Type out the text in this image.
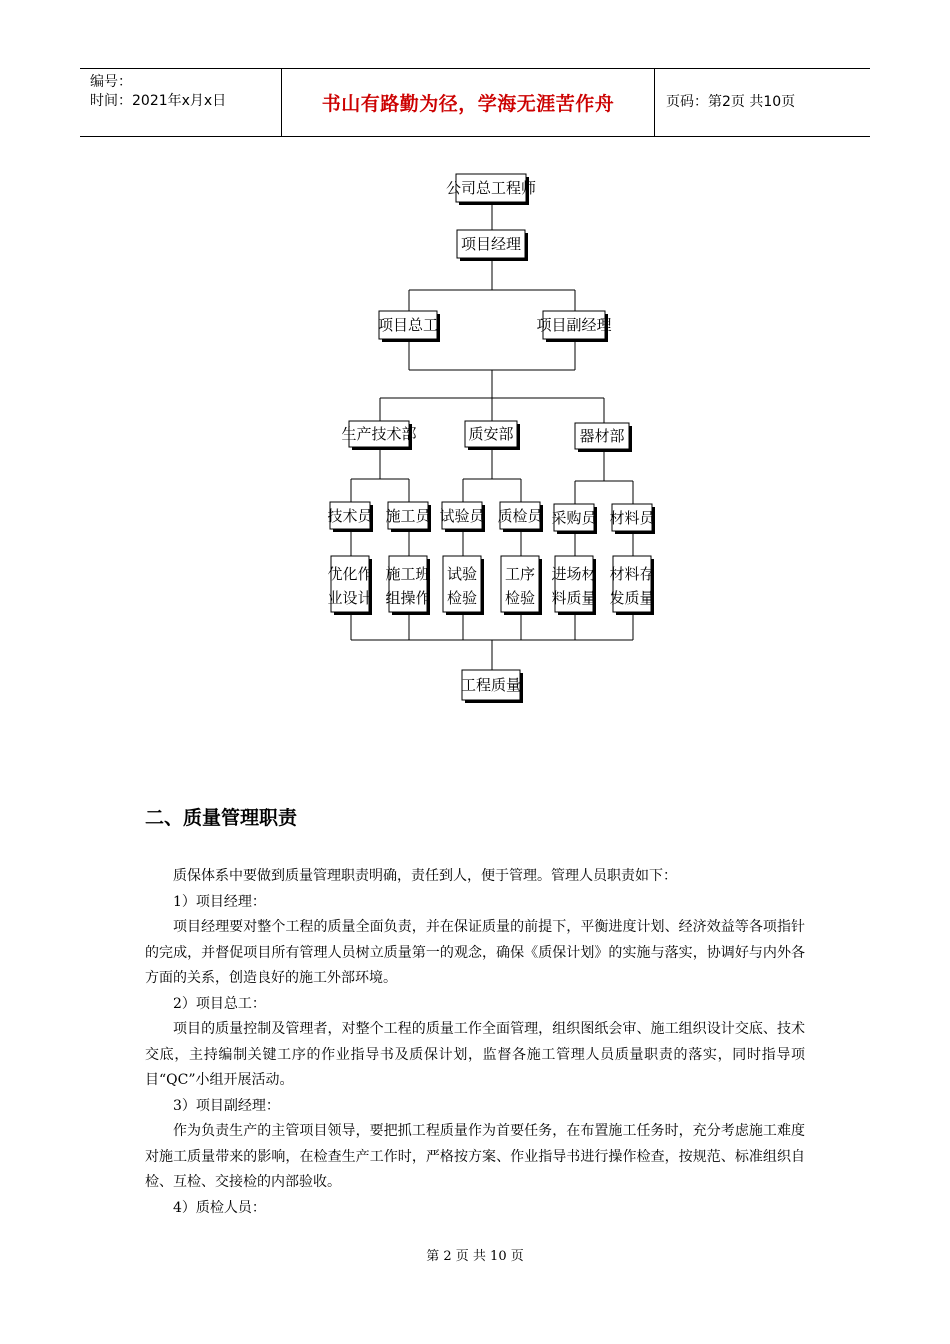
编号：
时间：2021年x月x日	书山有路勤为径，学海无涯苦作舟	页码：第2页 共10页
公司总工程师
项目经理
项目总工	项目副经理
生产技术部	质安部	器材部
技术员 施工员 试验员 质检员 采购员 材料员
优化作
业设计
施工班
组操作
试验
检验
工序
检验
进场材
料质量
材料存
发质量
工程质量
二、质量管理职责

质保体系中要做到质量管理职责明确，责任到人，便于管理。管理人员职责如下：

1）项目经理：

项目经理要对整个工程的质量全面负责，并在保证质量的前提下，平衡进度计划、经济效益等各项指针的完成，并督促项目所有管理人员树立质量第一的观念，确保《质保计划》的实施与落实，协调好与内外各方面的关系，创造良好的施工外部环境。

2）项目总工：

项目的质量控制及管理者，对整个工程的质量工作全面管理，组织图纸会审、施工组织设计交底、技术交底，主持编制关键工序的作业指导书及质保计划，监督各施工管理人员质量职责的落实，同时指导项目“QC”小组开展活动。

3）项目副经理：

作为负责生产的主管项目领导，要把抓工程质量作为首要任务，在布置施工任务时，充分考虑施工难度对施工质量带来的影响，在检查生产工作时，严格按方案、作业指导书进行操作检查，按规范、标准组织自检、互检、交接检的内部验收。

4）质检人员：

第 2 页 共 10 页
